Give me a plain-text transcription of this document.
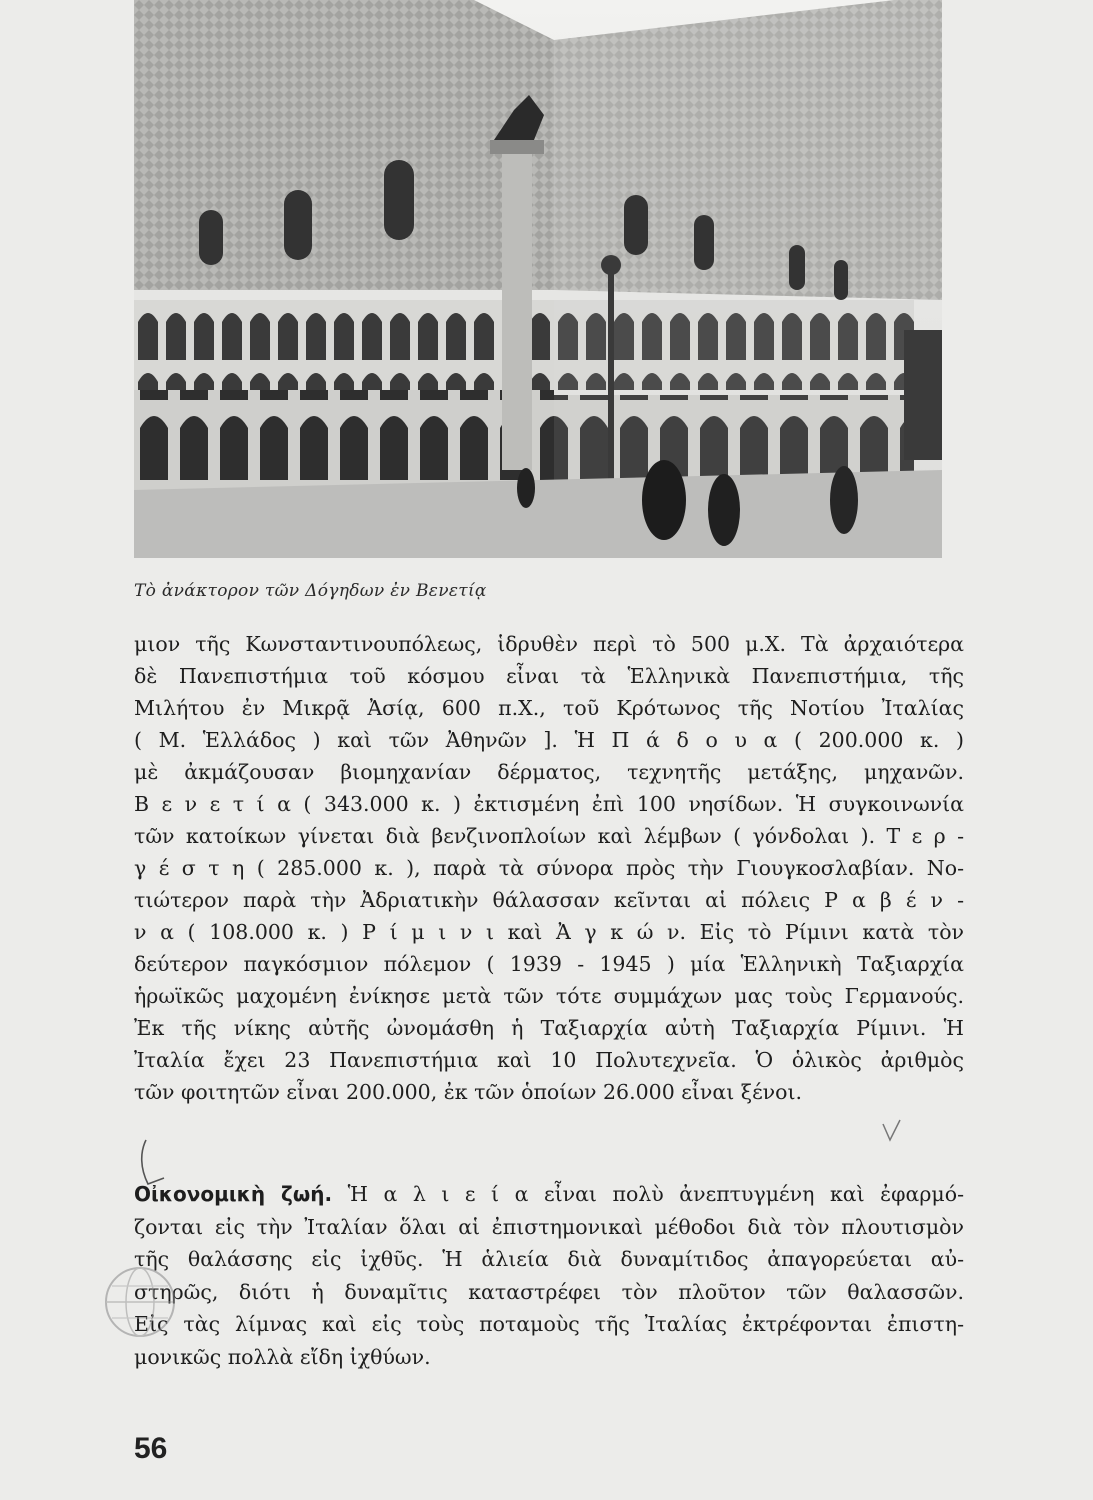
Τὸ ἀνάκτορον τῶν Δόγηδων ἐν Βενετίᾳ
μιον τῆς Κωνσταντινουπόλεως, ἱδρυθὲν περὶ τὸ 500 μ.Χ. Τὰ ἀρχαιότερα
δὲ Πανεπιστήμια τοῦ κόσμου εἶναι τὰ Ἑλληνικὰ Πανεπιστήμια, τῆς
Μιλήτου ἐν Μικρᾷ Ἀσίᾳ, 600 π.Χ., τοῦ Κρότωνος τῆς Νοτίου Ἰταλίας
( Μ. Ἑλλάδος ) καὶ τῶν Ἀθηνῶν ]. Ἡ Π ά δ ο υ α ( 200.000 κ. )
μὲ ἀκμάζουσαν βιομηχανίαν δέρματος, τεχνητῆς μετάξης, μηχανῶν.
Β ε ν ε τ ί α ( 343.000 κ. ) ἐκτισμένη ἐπὶ 100 νησίδων. Ἡ συγκοινωνία
τῶν κατοίκων γίνεται διὰ βενζινοπλοίων καὶ λέμβων ( γόνδολαι ). Τ ε ρ -
γ έ σ τ η ( 285.000 κ. ), παρὰ τὰ σύνορα πρὸς τὴν Γιουγκοσλαβίαν. Νο-
τιώτερον παρὰ τὴν Ἀδριατικὴν θάλασσαν κεῖνται αἱ πόλεις Ρ α β έ ν -
ν α ( 108.000 κ. ) Ρ ί μ ι ν ι καὶ Ἀ γ κ ώ ν. Εἰς τὸ Ρίμινι κατὰ τὸν
δεύτερον παγκόσμιον πόλεμον ( 1939 - 1945 ) μία Ἑλληνικὴ Ταξιαρχία
ἡρωϊκῶς μαχομένη ἐνίκησε μετὰ τῶν τότε συμμάχων μας τοὺς Γερμανούς.
Ἐκ τῆς νίκης αὐτῆς ὠνομάσθη ἡ Ταξιαρχία αὐτὴ Ταξιαρχία Ρίμινι. Ἡ
Ἰταλία ἔχει 23 Πανεπιστήμια καὶ 10 Πολυτεχνεῖα. Ὁ ὁλικὸς ἀριθμὸς
τῶν φοιτητῶν εἶναι 200.000, ἐκ τῶν ὁποίων 26.000 εἶναι ξένοι.
Οἰκονομικὴ ζωή. Ἡ α λ ι ε ί α εἶναι πολὺ ἀνεπτυγμένη καὶ ἐφαρμό-
ζονται εἰς τὴν Ἰταλίαν ὅλαι αἱ ἐπιστημονικαὶ μέθοδοι διὰ τὸν πλουτισμὸν
τῆς θαλάσσης εἰς ἰχθῦς. Ἡ ἁλιεία διὰ δυναμίτιδος ἀπαγορεύεται αὐ-
στηρῶς, διότι ἡ δυναμῖτις καταστρέφει τὸν πλοῦτον τῶν θαλασσῶν.
Εἰς τὰς λίμνας καὶ εἰς τοὺς ποταμοὺς τῆς Ἰταλίας ἐκτρέφονται ἐπιστη-
μονικῶς πολλὰ εἴδη ἰχθύων.
56
